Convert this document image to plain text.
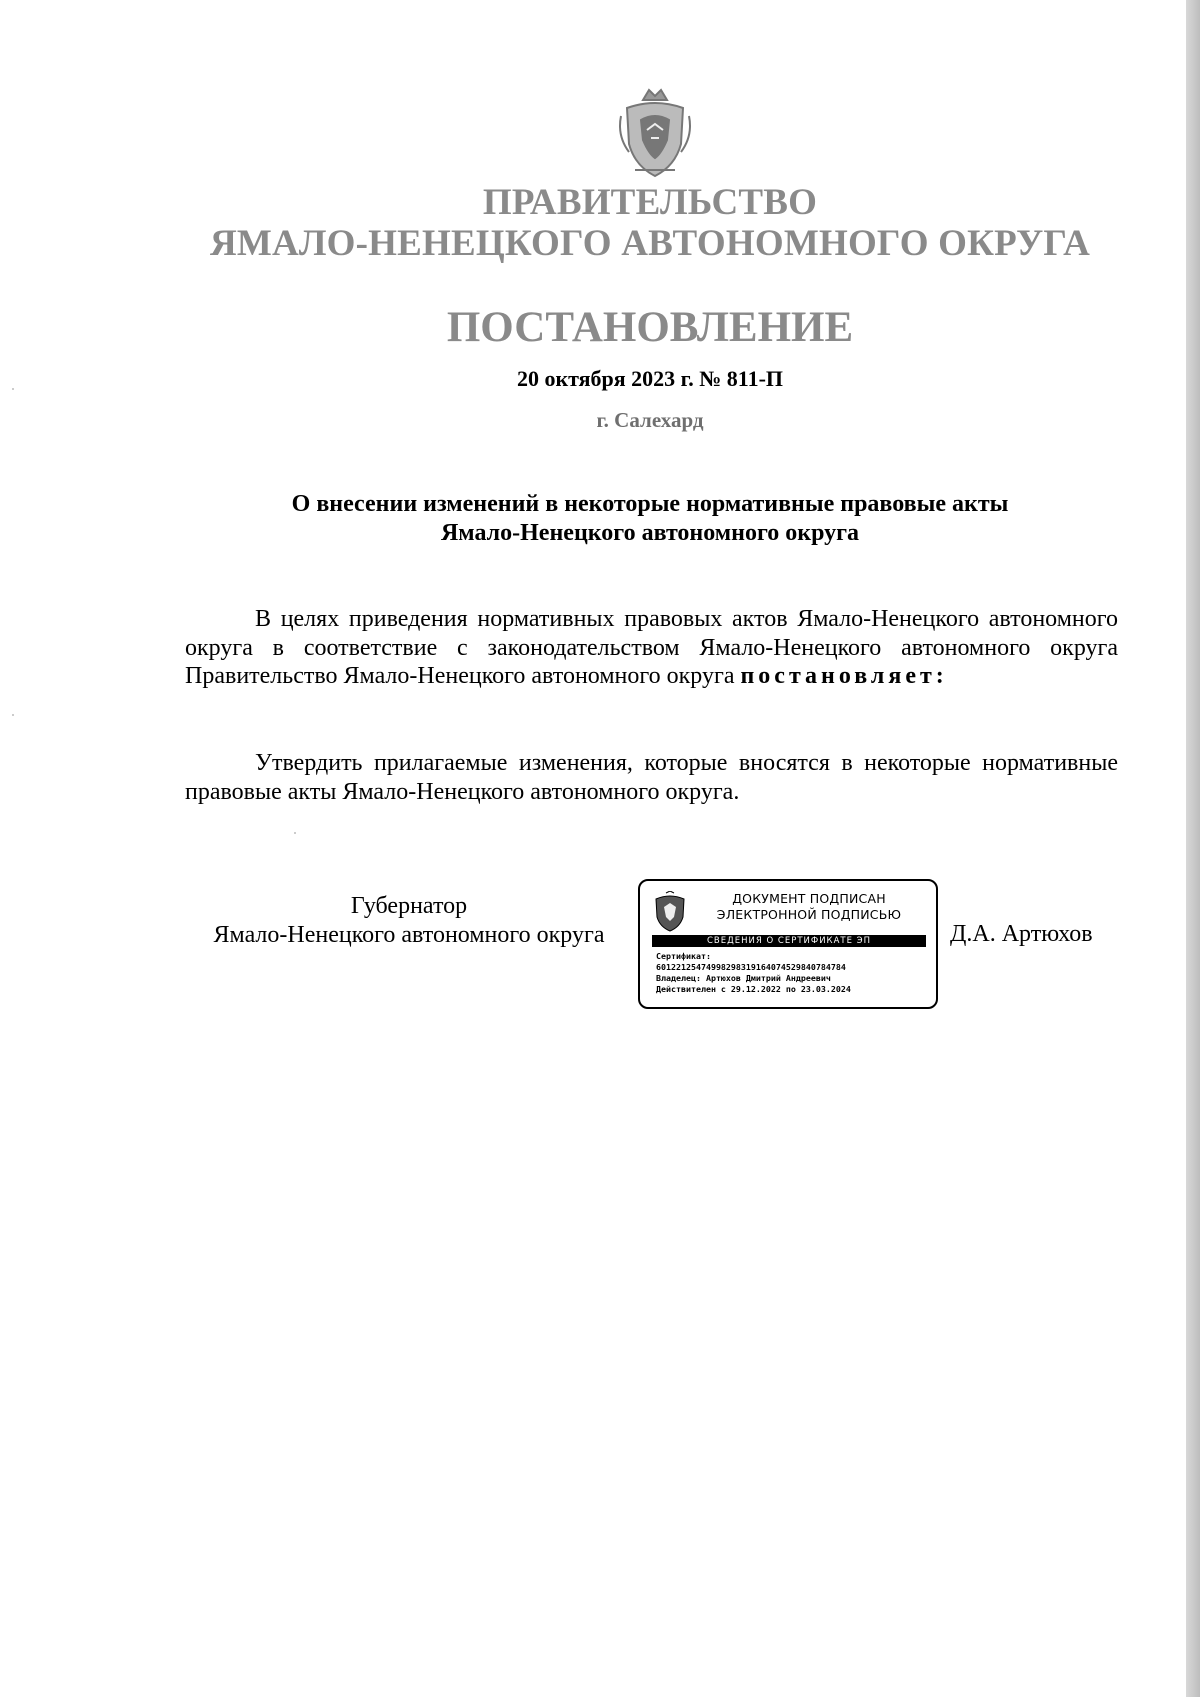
ПРАВИТЕЛЬСТВО
ЯМАЛО-НЕНЕЦКОГО АВТОНОМНОГО ОКРУГА
ПОСТАНОВЛЕНИЕ
20 октября 2023 г. № 811-П
г. Салехард
О внесении изменений в некоторые нормативные правовые акты
Ямало-Ненецкого автономного округа
В целях приведения нормативных правовых актов Ямало-Ненецкого автономного округа в соответствие с законодательством Ямало-Ненецкого автономного округа Правительство Ямало-Ненецкого автономного округа постановляет:
Утвердить прилагаемые изменения, которые вносятся в некоторые нормативные правовые акты Ямало-Ненецкого автономного округа.
Губернатор
Ямало-Ненецкого автономного округа
ДОКУМЕНТ ПОДПИСАН
ЭЛЕКТРОННОЙ ПОДПИСЬЮ
СВЕДЕНИЯ О СЕРТИФИКАТЕ ЭП
Сертификат:
6012212547499829831916407452984078478​4
Владелец: Артюхов Дмитрий Андреевич
Действителен с 29.12.2022 по 23.03.2024
Д.А. Артюхов
